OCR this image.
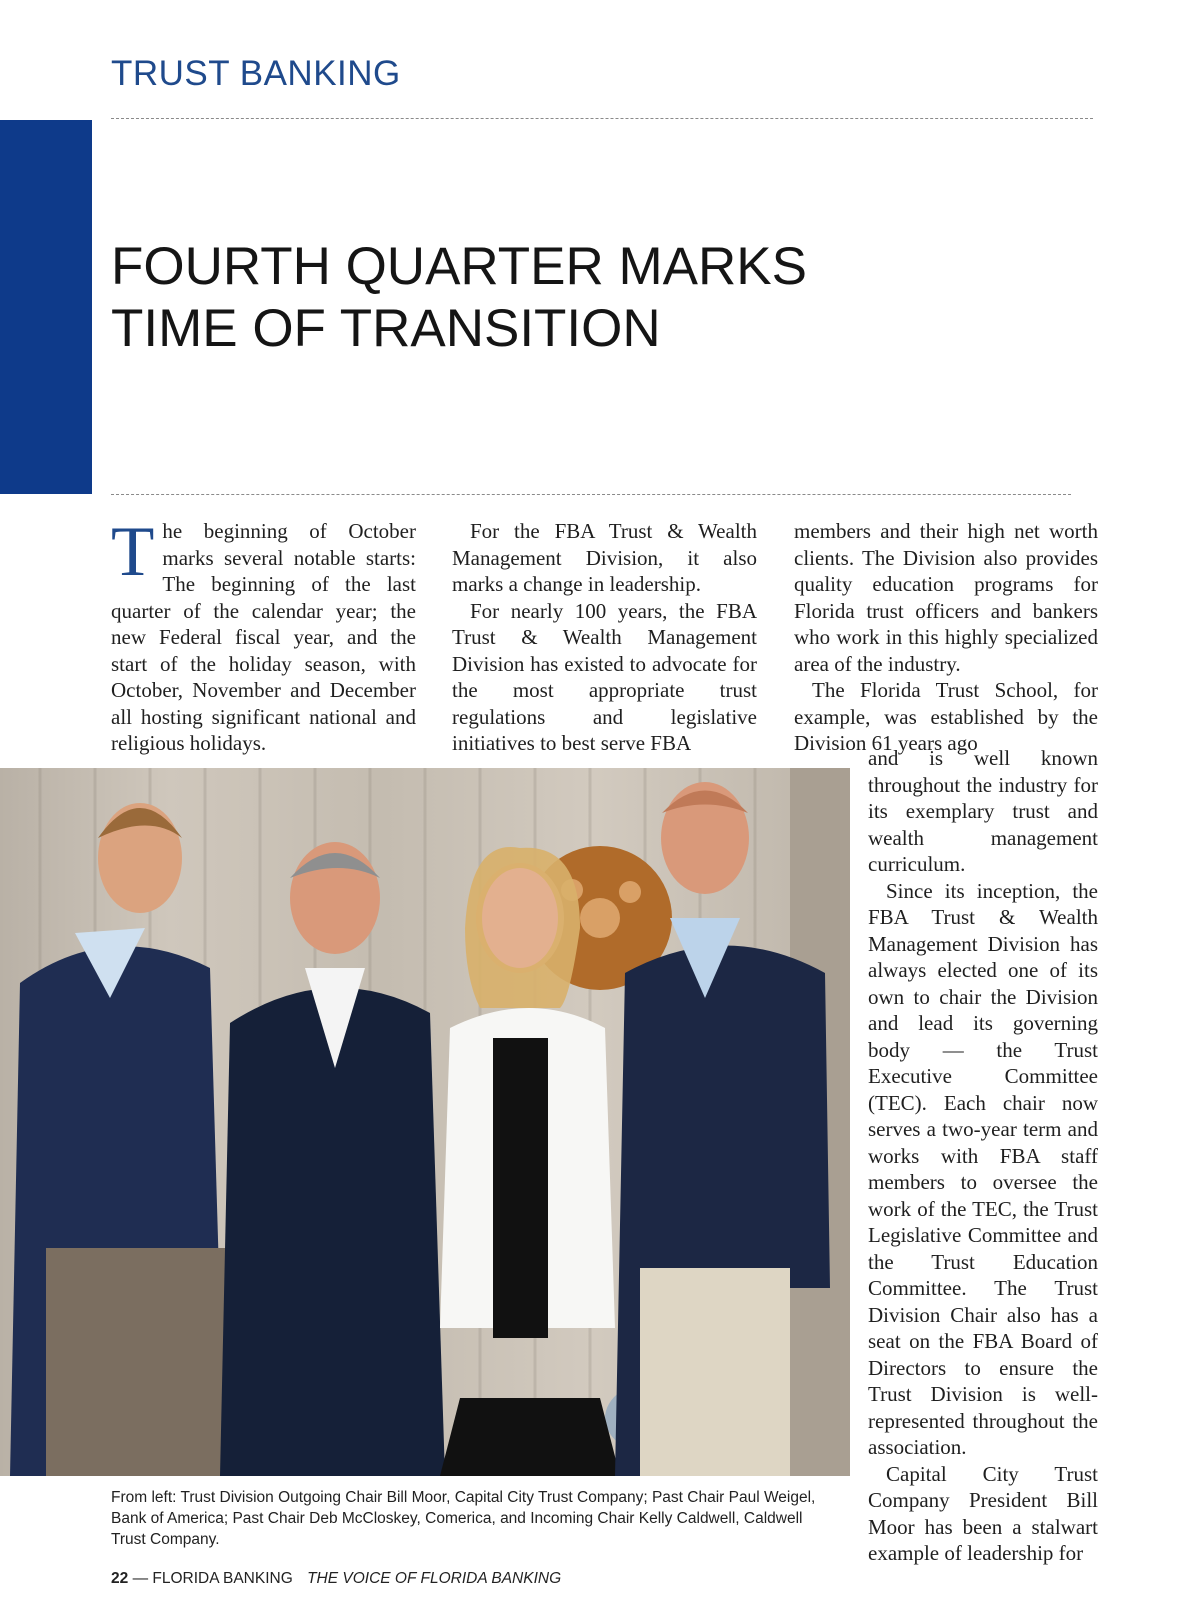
TRUST BANKING
FOURTH QUARTER MARKS
TIME OF TRANSITION

The beginning of October marks several notable starts: The beginning of the last quarter of the calendar year; the new Federal fiscal year, and the start of the holiday season, with October, November and December all hosting significant national and religious holidays.

For the FBA Trust & Wealth Management Division, it also marks a change in leadership.

For nearly 100 years, the FBA Trust & Wealth Management Division has existed to advocate for the most appropriate trust regulations and legislative initiatives to best serve FBA

members and their high net worth clients. The Division also provides quality education programs for Florida trust officers and bankers who work in this highly specialized area of the industry.

The Florida Trust School, for example, was established by the Division 61 years ago

and is well known throughout the industry for its exemplary trust and wealth management curriculum.

Since its inception, the FBA Trust & Wealth Management Division has always elected one of its own to chair the Division and lead its governing body — the Trust Executive Committee (TEC). Each chair now serves a two-year term and works with FBA staff members to oversee the work of the TEC, the Trust Legislative Committee and the Trust Education Committee. The Trust Division Chair also has a seat on the FBA Board of Directors to ensure the Trust Division is well-represented throughout the association.

Capital City Trust Company President Bill Moor has been a stalwart example of leadership for

From left: Trust Division Outgoing Chair Bill Moor, Capital City Trust Company; Past Chair Paul Weigel, Bank of America; Past Chair Deb McCloskey, Comerica, and Incoming Chair Kelly Caldwell, Caldwell Trust Company.
22 — FLORIDA BANKING THE VOICE OF FLORIDA BANKING
